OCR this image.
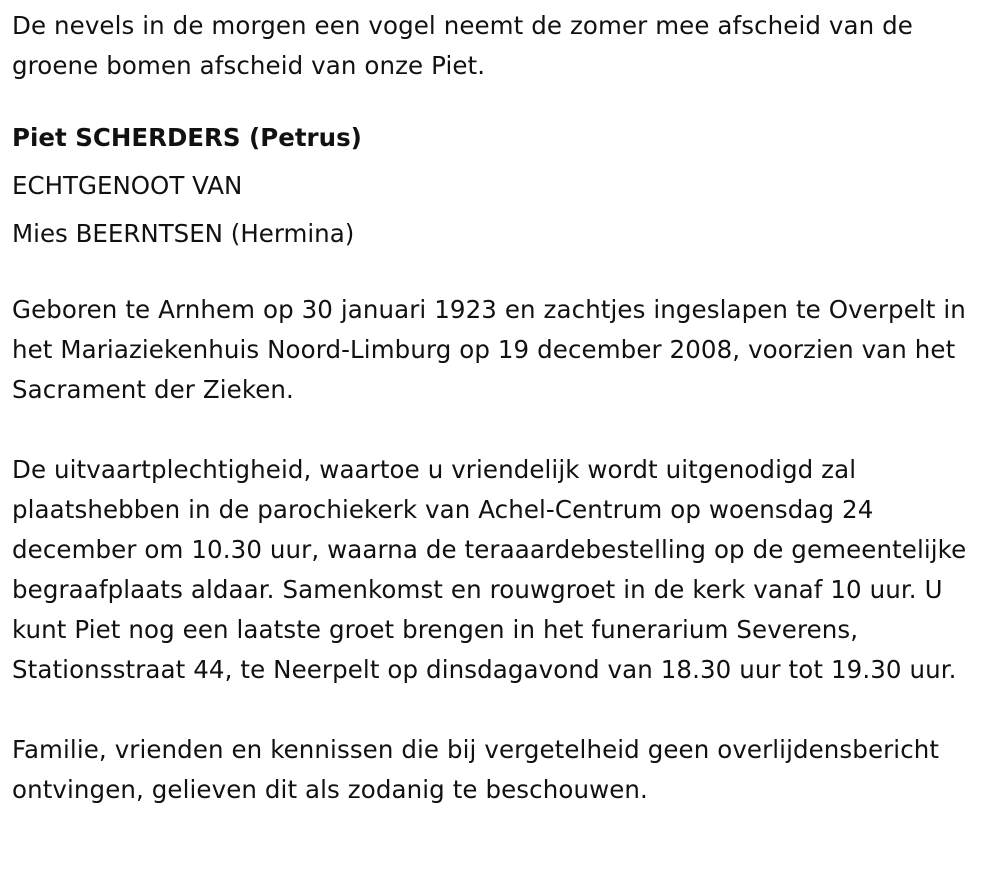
De nevels in de morgen een vogel neemt de zomer mee afscheid van de groene bomen afscheid van onze Piet.

Piet SCHERDERS (Petrus)

ECHTGENOOT VAN

Mies BEERNTSEN (Hermina)

Geboren te Arnhem op 30 januari 1923 en zachtjes ingeslapen te Overpelt in het Mariaziekenhuis Noord-Limburg op 19 december 2008, voorzien van het Sacrament der Zieken.

De uitvaartplechtigheid, waartoe u vriendelijk wordt uitgenodigd zal plaatshebben in de parochiekerk van Achel-Centrum op woensdag 24 december om 10.30 uur, waarna de teraaardebestelling op de gemeentelijke begraafplaats aldaar. Samenkomst en rouwgroet in de kerk vanaf 10 uur. U kunt Piet nog een laatste groet brengen in het funerarium Severens, Stationsstraat 44, te Neerpelt op dinsdagavond van 18.30 uur tot 19.30 uur.

Familie, vrienden en kennissen die bij vergetelheid geen overlijdensbericht ontvingen, gelieven dit als zodanig te beschouwen.
